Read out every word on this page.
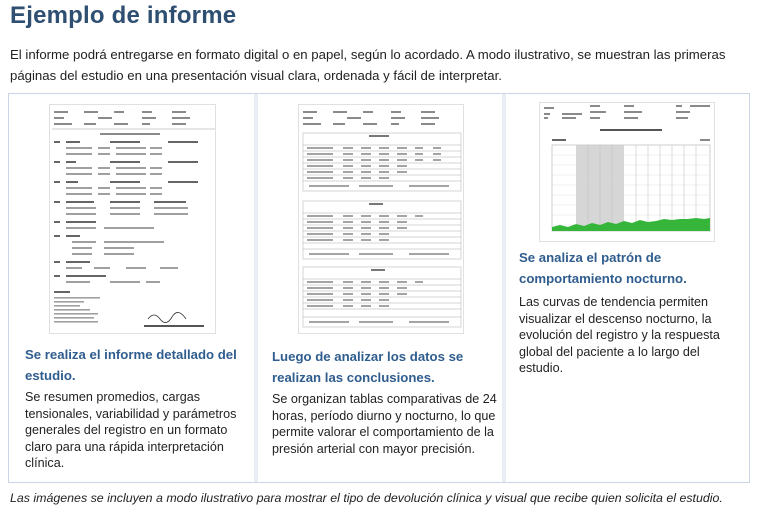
Ejemplo de informe
El informe podrá entregarse en formato digital o en papel, según lo acordado. A modo ilustrativo, se muestran las primeras páginas del estudio en una presentación visual clara, ordenada y fácil de interpretar.
Se realiza el informe detallado del estudio.
Se resumen promedios, cargas tensionales, variabilidad y parámetros generales del registro en un formato claro para una rápida interpretación clínica.
Luego de analizar los datos se realizan las conclusiones.
Se organizan tablas comparativas de 24 horas, período diurno y nocturno, lo que permite valorar el comportamiento de la presión arterial con mayor precisión.
Se analiza el patrón de comportamiento nocturno.
Las curvas de tendencia permiten visualizar el descenso nocturno, la evolución del registro y la respuesta global del paciente a lo largo del estudio.
Las imágenes se incluyen a modo ilustrativo para mostrar el tipo de devolución clínica y visual que recibe quien solicita el estudio.
